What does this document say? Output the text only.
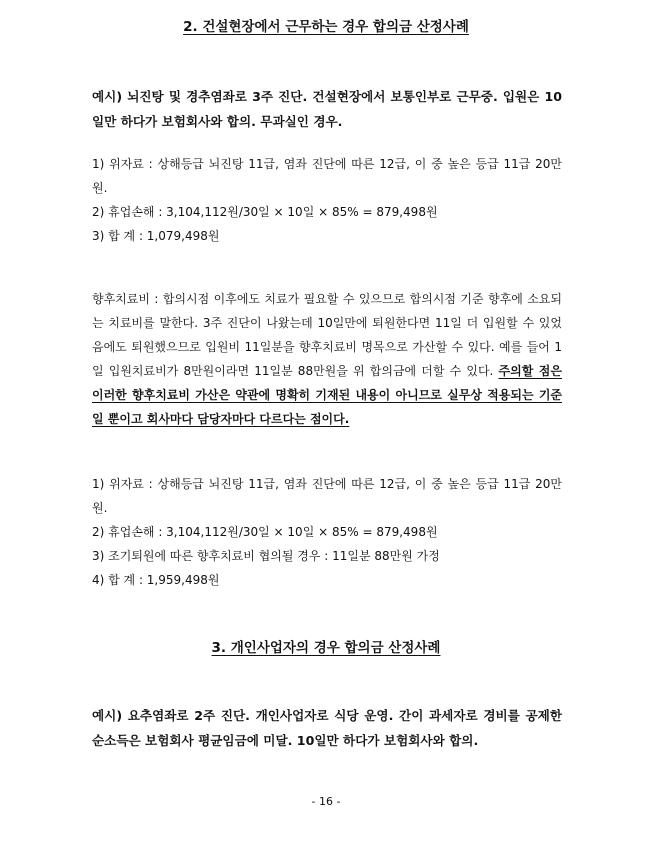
2. 건설현장에서 근무하는 경우 합의금 산정사례

예시) 뇌진탕 및 경추염좌로 3주 진단. 건설현장에서 보통인부로 근무중. 입원은 10일만 하다가 보험회사와 합의. 무과실인 경우.

1) 위자료 : 상해등급 뇌진탕 11급, 염좌 진단에 따른 12급, 이 중 높은 등급 11급 20만원.

2) 휴업손해 : 3,104,112원/30일 × 10일 × 85% = 879,498원

3) 합 계 : 1,079,498원

향후치료비 : 합의시점 이후에도 치료가 필요할 수 있으므로 합의시점 기준 향후에 소요되는 치료비를 말한다. 3주 진단이 나왔는데 10일만에 퇴원한다면 11일 더 입원할 수 있었음에도 퇴원했으므로 입원비 11일분을 향후치료비 명목으로 가산할 수 있다. 예를 들어 1일 입원치료비가 8만원이라면 11일분 88만원을 위 합의금에 더할 수 있다. 주의할 점은 이러한 향후치료비 가산은 약관에 명확히 기재된 내용이 아니므로 실무상 적용되는 기준일 뿐이고 회사마다 담당자마다 다르다는 점이다.

1) 위자료 : 상해등급 뇌진탕 11급, 염좌 진단에 따른 12급, 이 중 높은 등급 11급 20만원.

2) 휴업손해 : 3,104,112원/30일 × 10일 × 85% = 879,498원

3) 조기퇴원에 따른 향후치료비 협의될 경우 : 11일분 88만원 가정

4) 합 계 : 1,959,498원

3. 개인사업자의 경우 합의금 산정사례

예시) 요추염좌로 2주 진단. 개인사업자로 식당 운영. 간이 과세자로 경비를 공제한 순소득은 보험회사 평균임금에 미달. 10일만 하다가 보험회사와 합의.

- 16 -
